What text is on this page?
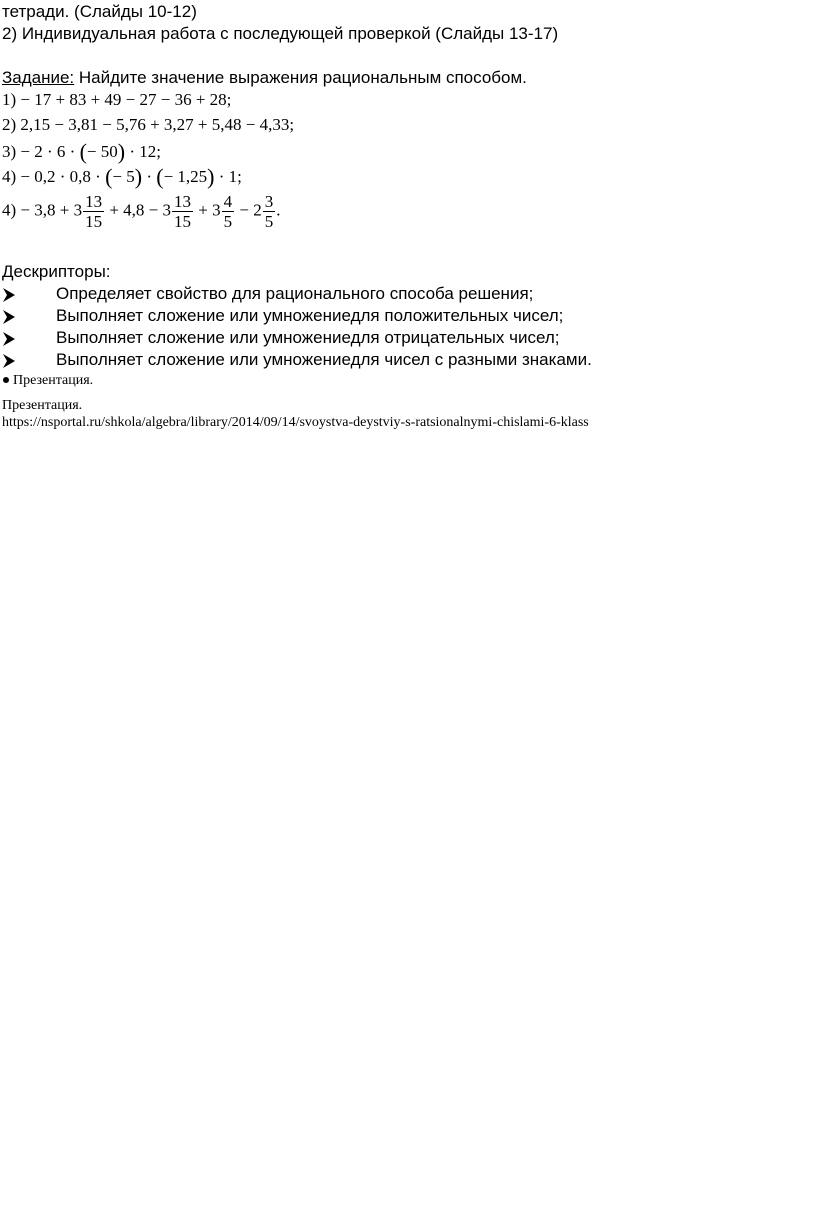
тетради. (Слайды 10-12)
2) Индивидуальная работа с последующей проверкой (Слайды 13-17)
Задание: Найдите значение выражения рациональным способом.
1) − 17 + 83 + 49 − 27 − 36 + 28;
2) 2,15 − 3,81 − 5,76 + 3,27 + 5,48 − 4,33;
3) − 2 · 6 · (− 50) · 12;
4) − 0,2 · 0,8 · (− 5) · (− 1,25) · 1;
$4) - 3,8 + 3 \frac{13}{15} + 4,8 - 3 \frac{13}{15} + 3 \frac{4}{5} - 2 \frac{3}{5}$ .
Дескрипторы:
Определяет свойство для рационального способа решения;
Выполняет сложение или умножениедля положительных чисел;
Выполняет сложение или умножениедля отрицательных чисел;
Выполняет сложение или умножениедля чисел с разными знаками.
Презентация.
Презентация.
https://nsportal.ru/shkola/algebra/library/2014/09/14/svoystva-deystviy-s-ratsionalnymi-chislami-6-klass
